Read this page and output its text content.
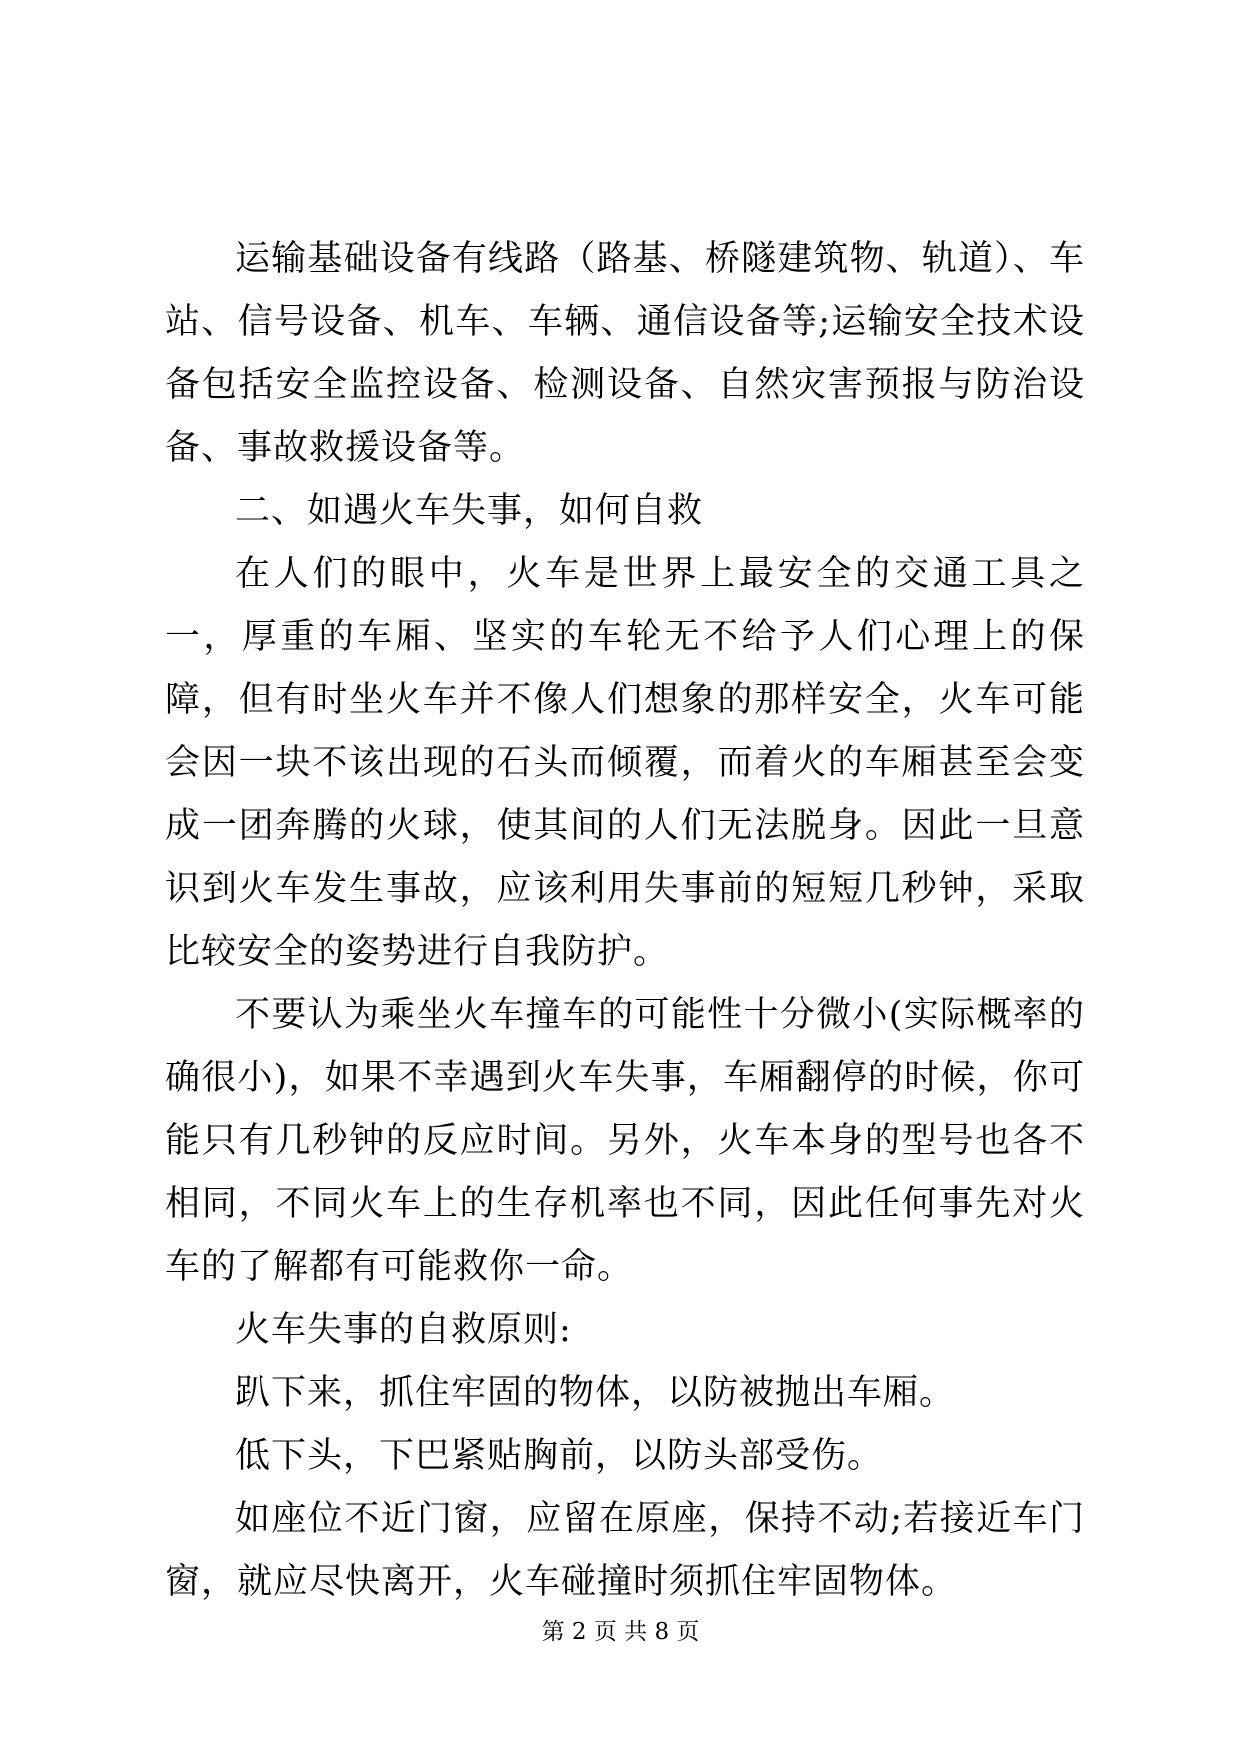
运输基础设备有线路（路基、桥隧建筑物、轨道）、车站、信号设备、机车、车辆、通信设备等;运输安全技术设备包括安全监控设备、检测设备、自然灾害预报与防治设备、事故救援设备等。

二、如遇火车失事，如何自救

在人们的眼中，火车是世界上最安全的交通工具之一，厚重的车厢、坚实的车轮无不给予人们心理上的保障，但有时坐火车并不像人们想象的那样安全，火车可能会因一块不该出现的石头而倾覆，而着火的车厢甚至会变成一团奔腾的火球，使其间的人们无法脱身。因此一旦意识到火车发生事故，应该利用失事前的短短几秒钟，采取比较安全的姿势进行自我防护。

不要认为乘坐火车撞车的可能性十分微小(实际概率的确很小)，如果不幸遇到火车失事，车厢翻停的时候，你可能只有几秒钟的反应时间。另外，火车本身的型号也各不相同，不同火车上的生存机率也不同，因此任何事先对火车的了解都有可能救你一命。

火车失事的自救原则:

趴下来，抓住牢固的物体，以防被抛出车厢。

低下头，下巴紧贴胸前，以防头部受伤。

如座位不近门窗，应留在原座，保持不动;若接近车门窗，就应尽快离开，火车碰撞时须抓住牢固物体。

第 2 页 共 8 页
